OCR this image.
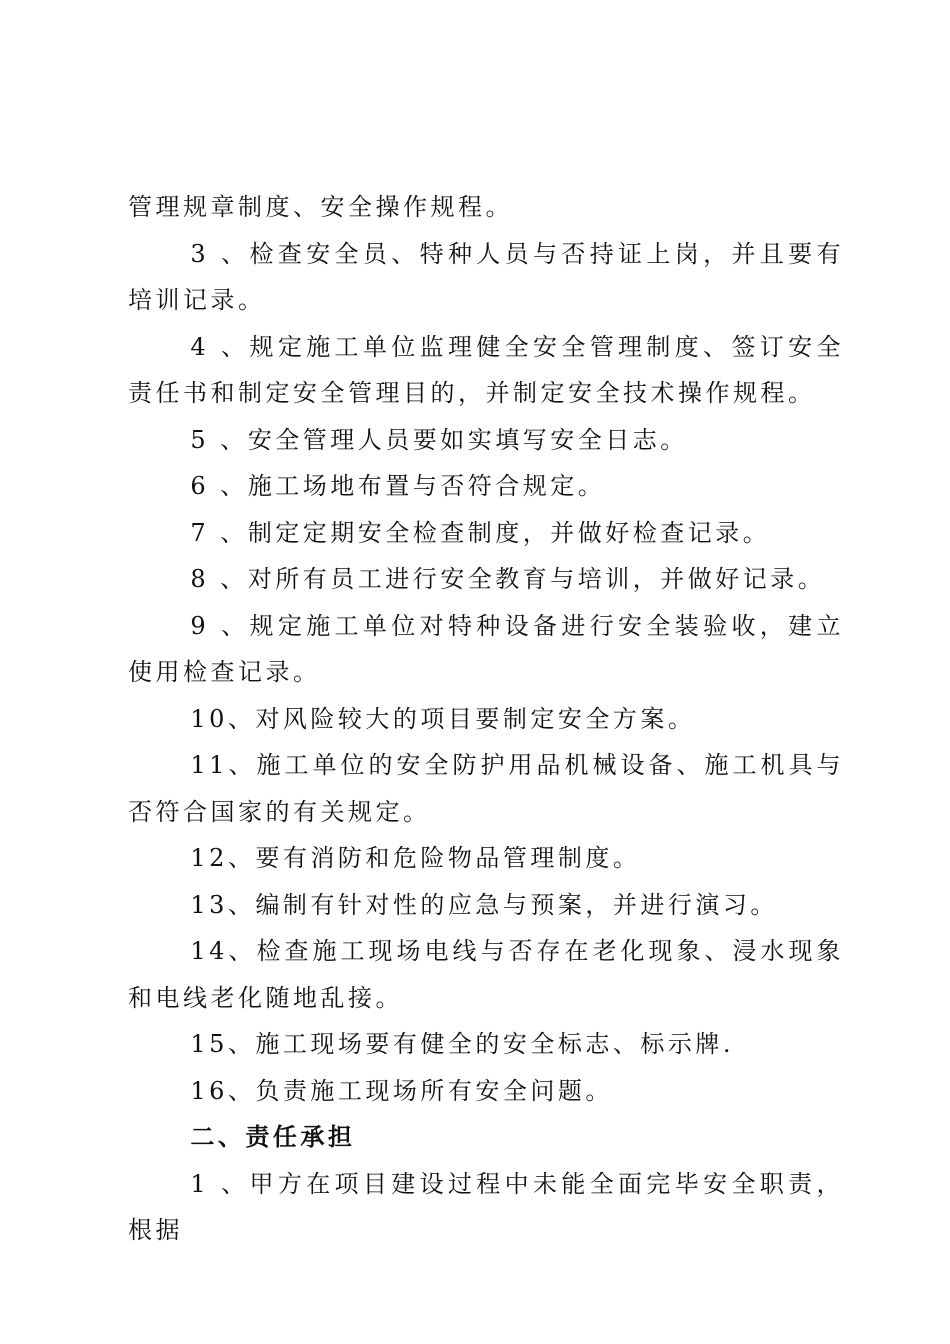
管理规章制度、安全操作规程。

3 、检查安全员、特种人员与否持证上岗，并且要有培训记录。

4 、规定施工单位监理健全安全管理制度、签订安全责任书和制定安全管理目的，并制定安全技术操作规程。

5 、安全管理人员要如实填写安全日志。

6 、施工场地布置与否符合规定。

7 、制定定期安全检查制度，并做好检查记录。

8 、对所有员工进行安全教育与培训，并做好记录。

9 、规定施工单位对特种设备进行安全装验收，建立使用检查记录。

10、对风险较大的项目要制定安全方案。

11、施工单位的安全防护用品机械设备、施工机具与否符合国家的有关规定。

12、要有消防和危险物品管理制度。

13、编制有针对性的应急与预案，并进行演习。

14、检查施工现场电线与否存在老化现象、浸水现象和电线老化随地乱接。

15、施工现场要有健全的安全标志、标示牌.

16、负责施工现场所有安全问题。

二、责任承担

1 、甲方在项目建设过程中未能全面完毕安全职责，根据
